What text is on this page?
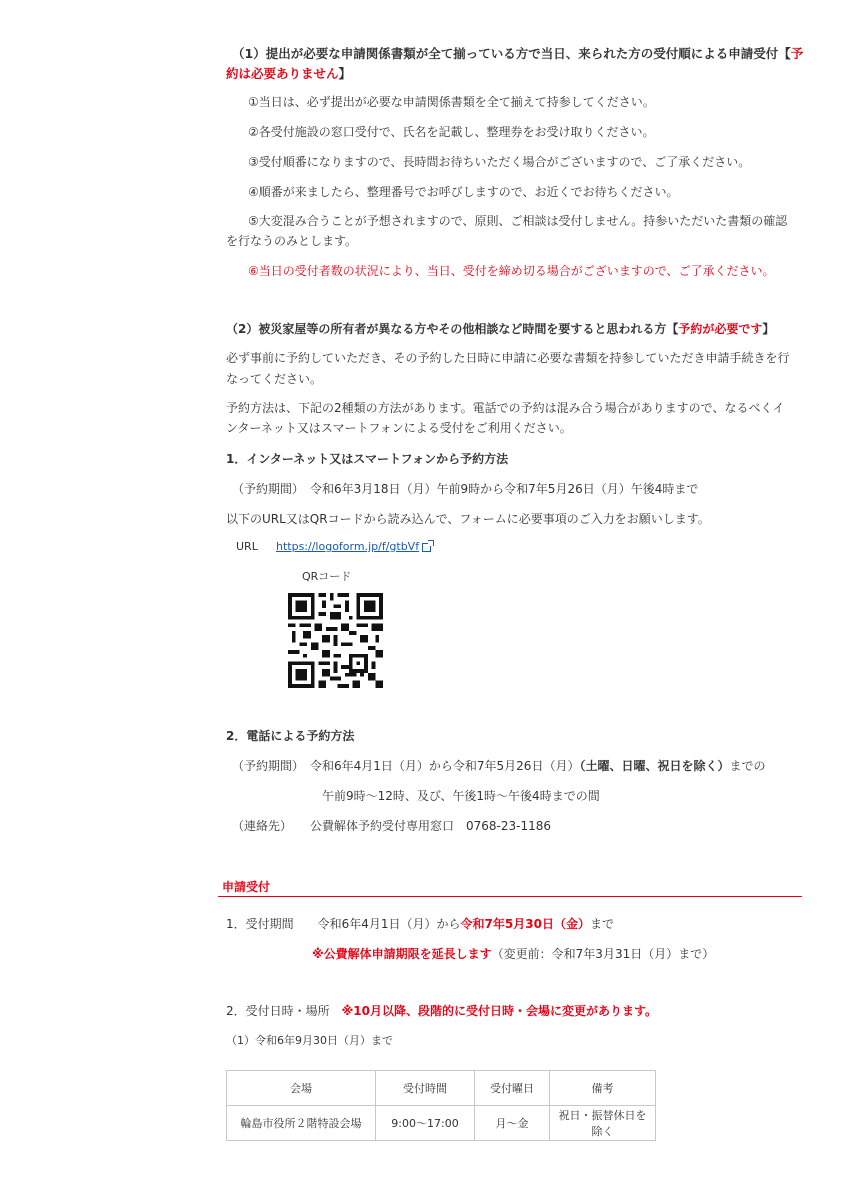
（1）提出が必要な申請関係書類が全て揃っている方で当日、来られた方の受付順による申請受付【予
約は必要ありません】
①当日は、必ず提出が必要な申請関係書類を全て揃えて持参してください。
②各受付施設の窓口受付で、氏名を記載し、整理券をお受け取りください。
③受付順番になりますので、長時間お待ちいただく場合がございますので、ご了承ください。
④順番が来ましたら、整理番号でお呼びしますので、お近くでお待ちください。
⑤大変混み合うことが予想されますので、原則、ご相談は受付しません。持参いただいた書類の確認
を行なうのみとします。
⑥当日の受付者数の状況により、当日、受付を締め切る場合がございますので、ご了承ください。
（2）被災家屋等の所有者が異なる方やその他相談など時間を要すると思われる方【予約が必要です】
必ず事前に予約していただき、その予約した日時に申請に必要な書類を持参していただき申請手続きを行
なってください。
予約方法は、下記の2種類の方法があります。電話での予約は混み合う場合がありますので、なるべくイ
ンターネット又はスマートフォンによる受付をご利用ください。
1．インターネット又はスマートフォンから予約方法
（予約期間）　令和6年3月18日（月）午前9時から令和7年5月26日（月）午後4時まで
以下のURL又はQRコードから読み込んで、フォームに必要事項のご入力をお願いします。
URL https://logoform.jp/f/gtbVf
QRコード
2．電話による予約方法
（予約期間）　令和6年4月1日（月）から令和7年5月26日（月）（土曜、日曜、祝日を除く）までの
午前9時～12時、及び、午後1時～午後4時までの間
（連絡先）　　公費解体予約受付専用窓口　0768-23-1186
申請受付
1．受付期間　　令和6年4月1日（月）から令和7年5月30日（金）まで
※公費解体申請期限を延長します（変更前：令和7年3月31日（月）まで）
2．受付日時・場所　※10月以降、段階的に受付日時・会場に変更があります。
（1）令和6年9月30日（月）まで
会場	受付時間	受付曜日	備考
輪島市役所２階特設会場	9:00～17:00	月～金	祝日・振替休日を除く
